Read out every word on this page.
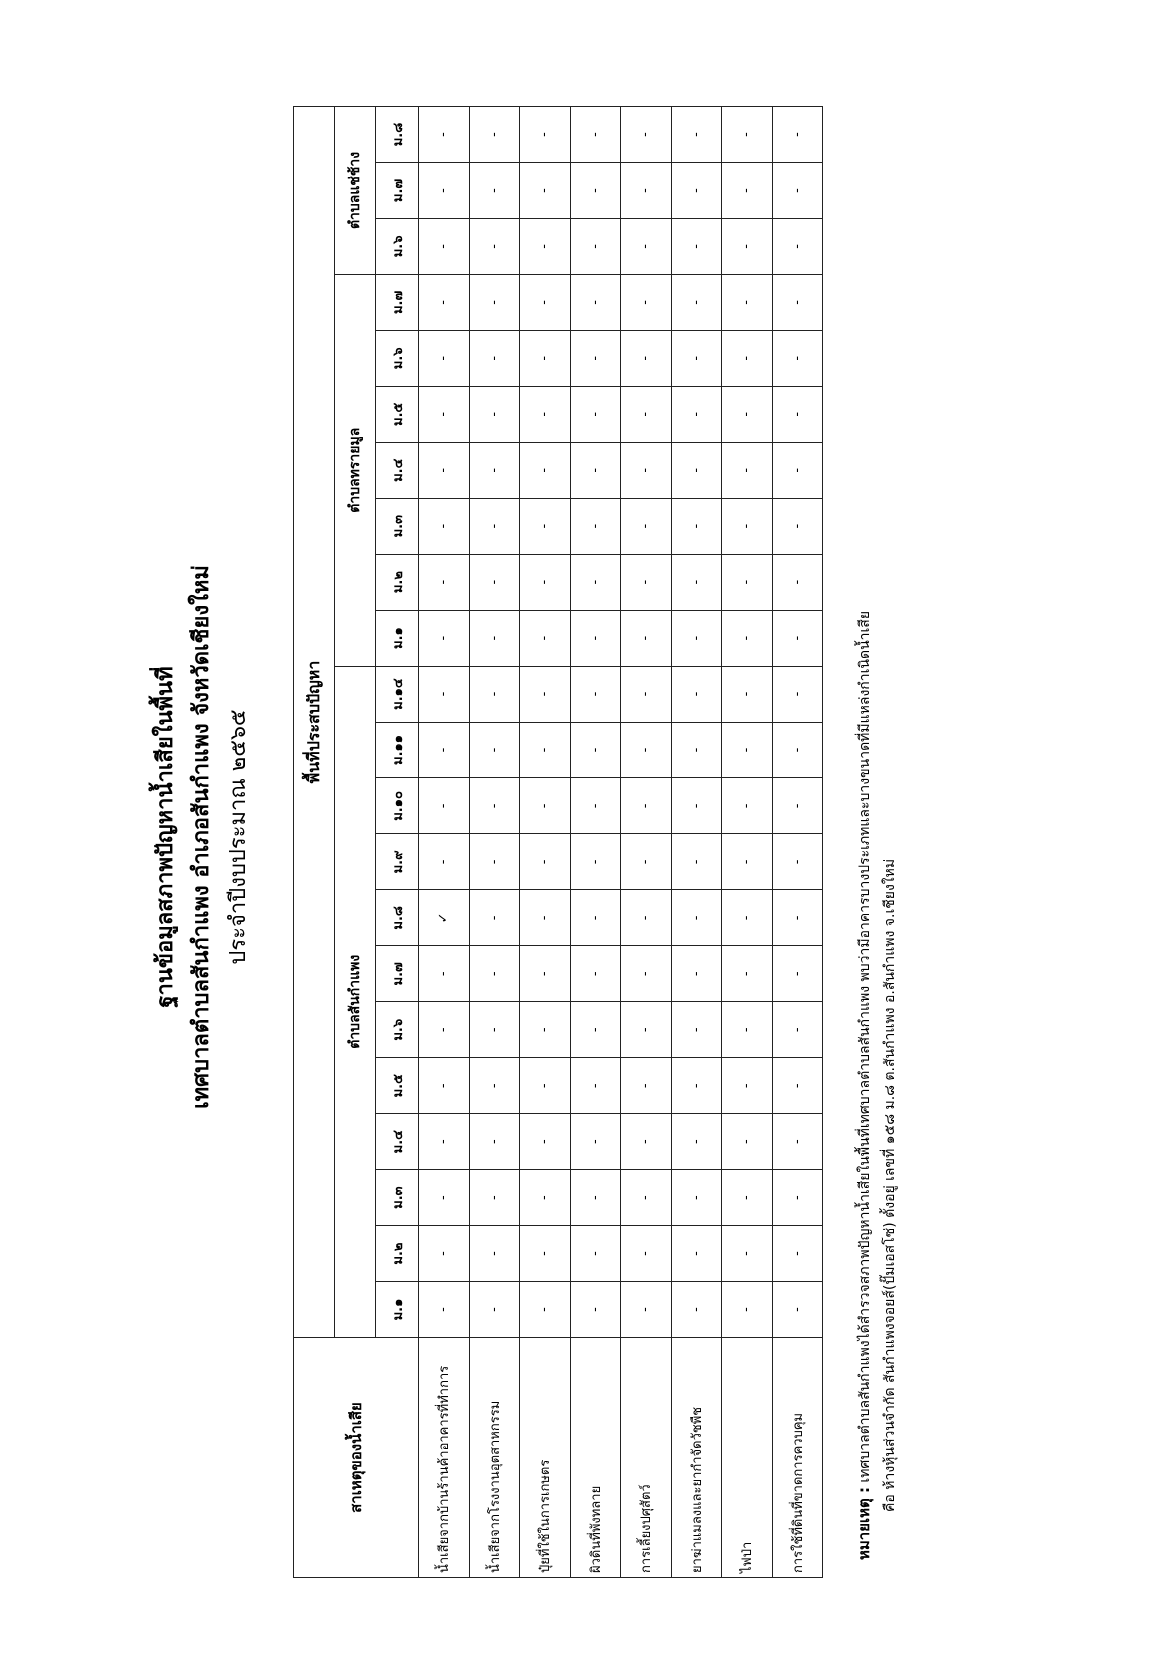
ฐานข้อมูลสภาพปัญหาน้ำเสียในพื้นที่ เทศบาลตำบลสันกำแพง อำเภอสันกำแพง จังหวัดเชียงใหม่ ประจำปีงบประมาณ ๒๕๖๕
สาเหตุของน้ำเสีย	พื้นที่ประสบปัญหา																					
	ตำบลสันกำแพง												ตำบลทรายมูล							ตำบลแช่ช้าง		
	ม.๑	ม.๒	ม.๓	ม.๔	ม.๕	ม.๖	ม.๗	ม.๘	ม.๙	ม.๑๐	ม.๑๑	ม.๑๔	ม.๑	ม.๒	ม.๓	ม.๔	ม.๕	ม.๖	ม.๗	ม.๖	ม.๗	ม.๘
น้ำเสียจากบ้านร้านค้าอาคารที่ทำการ	-	-	-	-	-	-	-	✓	-	-	-	-	-	-	-	-	-	-	-	-	-	-
น้ำเสียจากโรงงานอุตสาหกรรม	-	-	-	-	-	-	-	-	-	-	-	-	-	-	-	-	-	-	-	-	-	-
ปุ๋ยที่ใช้ในการเกษตร	-	-	-	-	-	-	-	-	-	-	-	-	-	-	-	-	-	-	-	-	-	-
ผิวดินที่พังทลาย	-	-	-	-	-	-	-	-	-	-	-	-	-	-	-	-	-	-	-	-	-	-
การเลี้ยงปศุสัตว์	-	-	-	-	-	-	-	-	-	-	-	-	-	-	-	-	-	-	-	-	-	-
ยาฆ่าแมลงและยากำจัดวัชพืช	-	-	-	-	-	-	-	-	-	-	-	-	-	-	-	-	-	-	-	-	-	-
ไฟป่า	-	-	-	-	-	-	-	-	-	-	-	-	-	-	-	-	-	-	-	-	-	-
การใช้ที่ดินที่ขาดการควบคุม	-	-	-	-	-	-	-	-	-	-	-	-	-	-	-	-	-	-	-	-	-	-
หมายเหตุ : เทศบาลตำบลสันกำแพงได้สำรวจสภาพปัญหาน้ำเสียในพื้นที่เทศบาลตำบลสันกำแพง พบว่ามีอาคารบางประเภทและบางขนาดที่มีแหล่งกำเนิดน้ำเสีย คือ ห้างหุ้นส่วนจำกัด สันกำแพงจอยส์(ปั๊มเอสโซ่) ตั้งอยู่ เลขที่ ๑๕๘ ม.๘ ต.สันกำแพง อ.สันกำแพง จ.เชียงใหม่
